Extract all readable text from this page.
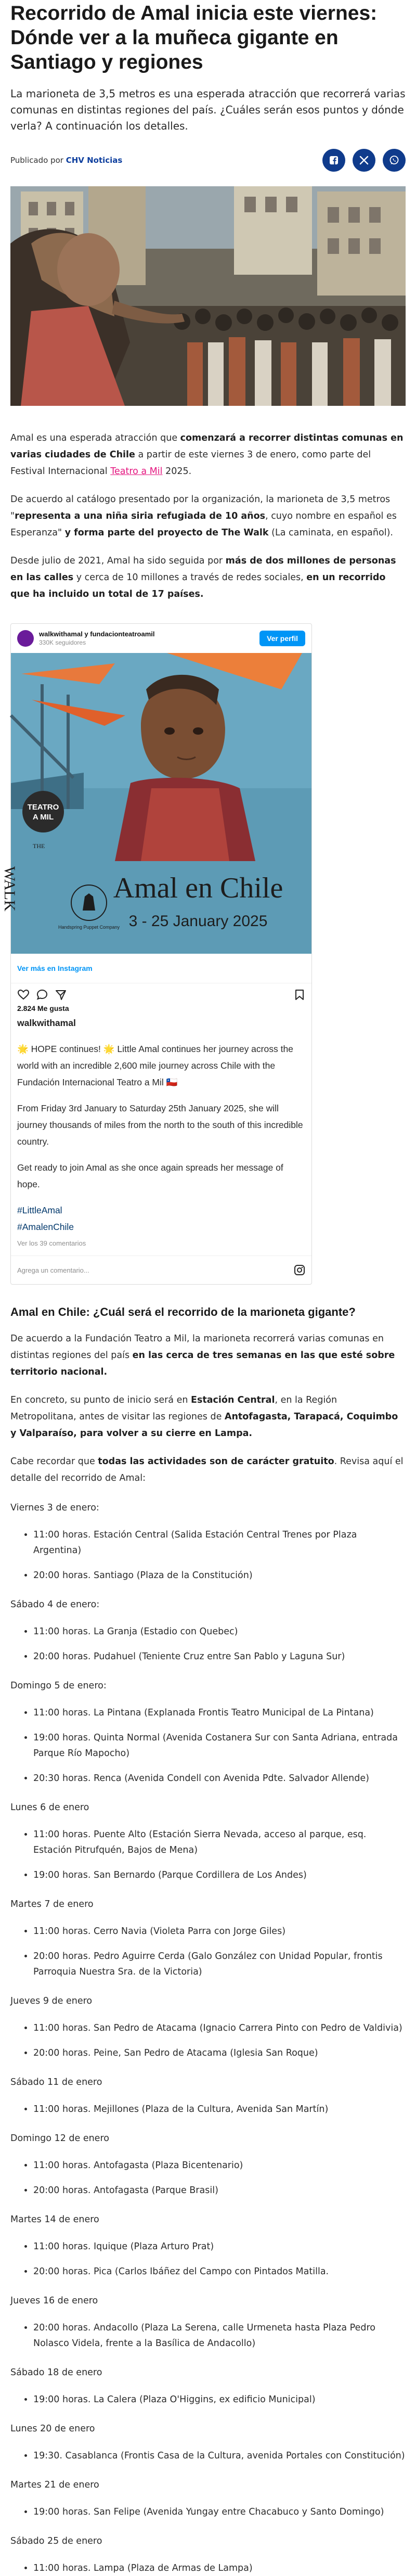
Recorrido de Amal inicia este viernes: Dónde ver a la muñeca gigante en Santiago y regiones

La marioneta de 3,5 metros es una esperada atracción que recorrerá varias comunas en distintas regiones del país. ¿Cuáles serán esos puntos y dónde verla? A continuación los detalles.

Publicado por CHV Noticias

Amal es una esperada atracción que comenzará a recorrer distintas comunas en varias ciudades de Chile a partir de este viernes 3 de enero, como parte del Festival Internacional Teatro a Mil 2025.

De acuerdo al catálogo presentado por la organización, la marioneta de 3,5 metros "representa a una niña siria refugiada de 10 años, cuyo nombre en español es Esperanza" y forma parte del proyecto de The Walk (La caminata, en español).

Desde julio de 2021, Amal ha sido seguida por más de dos millones de personas en las calles y cerca de 10 millones a través de redes sociales, en un recorrido que ha incluido un total de 17 países.

walkwithamal y fundacionteatroamil
330K seguidores	Ver perfil
TEATRO
A MIL
THE
WALK
Handspring Puppet Company
Amal en Chile
3 - 25 January 2025
Ver más en Instagram
2.824 Me gusta

walkwithamal

🌟 HOPE continues! 🌟 Little Amal continues her journey across the world with an incredible 2,600 mile journey across Chile with the Fundación Internacional Teatro a Mil 🇨🇱

From Friday 3rd January to Saturday 25th January 2025, she will journey thousands of miles from the north to the south of this incredible country.

Get ready to join Amal as she once again spreads her message of hope.

#LittleAmal
#AmalenChile

Ver los 39 comentarios
Agrega un comentario...
Amal en Chile: ¿Cuál será el recorrido de la marioneta gigante?

De acuerdo a la Fundación Teatro a Mil, la marioneta recorrerá varias comunas en distintas regiones del país en las cerca de tres semanas en las que esté sobre territorio nacional.

En concreto, su punto de inicio será en Estación Central, en la Región Metropolitana, antes de visitar las regiones de Antofagasta, Tarapacá, Coquimbo y Valparaíso, para volver a su cierre en Lampa.

Cabe recordar que todas las actividades son de carácter gratuito. Revisa aquí el detalle del recorrido de Amal:

Viernes 3 de enero:
• 11:00 horas. Estación Central (Salida Estación Central Trenes por Plaza Argentina)
• 20:00 horas. Santiago (Plaza de la Constitución)
Sábado 4 de enero:
• 11:00 horas. La Granja (Estadio con Quebec)
• 20:00 horas. Pudahuel (Teniente Cruz entre San Pablo y Laguna Sur)
Domingo 5 de enero:
• 11:00 horas. La Pintana (Explanada Frontis Teatro Municipal de La Pintana)
• 19:00 horas. Quinta Normal (Avenida Costanera Sur con Santa Adriana, entrada Parque Río Mapocho)
• 20:30 horas. Renca (Avenida Condell con Avenida Pdte. Salvador Allende)
Lunes 6 de enero
• 11:00 horas. Puente Alto (Estación Sierra Nevada, acceso al parque, esq. Estación Pitrufquén, Bajos de Mena)
• 19:00 horas. San Bernardo (Parque Cordillera de Los Andes)
Martes 7 de enero
• 11:00 horas. Cerro Navia (Violeta Parra con Jorge Giles)
• 20:00 horas. Pedro Aguirre Cerda (Galo González con Unidad Popular, frontis Parroquia Nuestra Sra. de la Victoria)
Jueves 9 de enero
• 11:00 horas. San Pedro de Atacama (Ignacio Carrera Pinto con Pedro de Valdivia)
• 20:00 horas. Peine, San Pedro de Atacama (Iglesia San Roque)
Sábado 11 de enero
• 11:00 horas. Mejillones (Plaza de la Cultura, Avenida San Martín)
Domingo 12 de enero
• 11:00 horas. Antofagasta (Plaza Bicentenario)
• 20:00 horas. Antofagasta (Parque Brasil)
Martes 14 de enero
• 11:00 horas. Iquique (Plaza Arturo Prat)
• 20:00 horas. Pica (Carlos Ibáñez del Campo con Pintados Matilla.
Jueves 16 de enero
• 20:00 horas. Andacollo (Plaza La Serena, calle Urmeneta hasta Plaza Pedro Nolasco Videla, frente a la Basílica de Andacollo)
Sábado 18 de enero
• 19:00 horas. La Calera (Plaza O'Higgins, ex edificio Municipal)
Lunes 20 de enero
• 19:30. Casablanca (Frontis Casa de la Cultura, avenida Portales con Constitución)
Martes 21 de enero
• 19:00 horas. San Felipe (Avenida Yungay entre Chacabuco y Santo Domingo)
Sábado 25 de enero
• 11:00 horas. Lampa (Plaza de Armas de Lampa)
